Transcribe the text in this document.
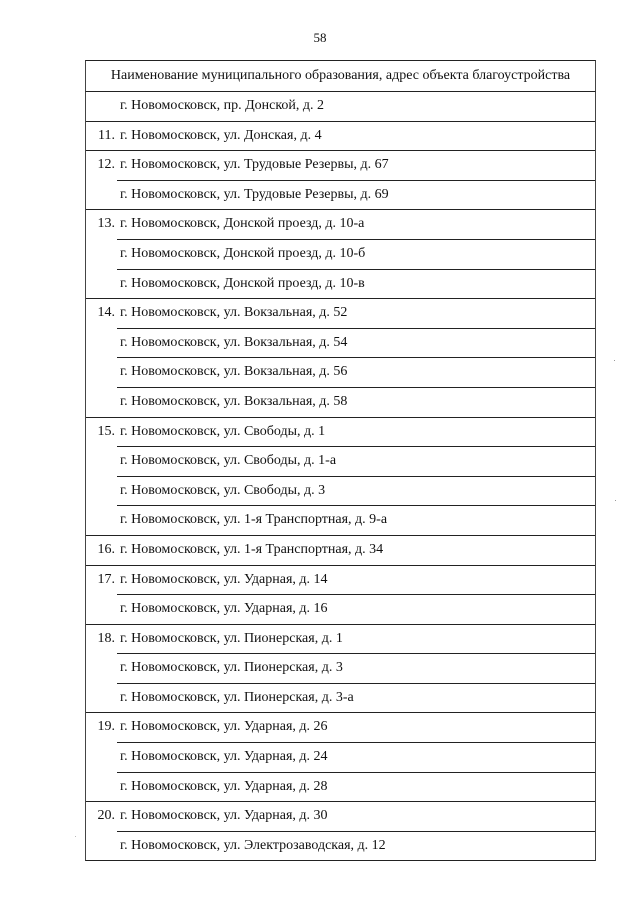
58
Наименование муниципального образования, адрес объекта благоустройства
г. Новомосковск, пр. Донской, д. 2
11. г. Новомосковск, ул. Донская, д. 4
12. г. Новомосковск, ул. Трудовые Резервы, д. 67
г. Новомосковск, ул. Трудовые Резервы, д. 69
13. г. Новомосковск, Донской проезд, д. 10-а
г. Новомосковск, Донской проезд, д. 10-б
г. Новомосковск, Донской проезд, д. 10-в
14. г. Новомосковск, ул. Вокзальная, д. 52
г. Новомосковск, ул. Вокзальная, д. 54
г. Новомосковск, ул. Вокзальная, д. 56
г. Новомосковск, ул. Вокзальная, д. 58
15. г. Новомосковск, ул. Свободы, д. 1
г. Новомосковск, ул. Свободы, д. 1-а
г. Новомосковск, ул. Свободы, д. 3
г. Новомосковск, ул. 1-я Транспортная, д. 9-а
16. г. Новомосковск, ул. 1-я Транспортная, д. 34
17. г. Новомосковск, ул. Ударная, д. 14
г. Новомосковск, ул. Ударная, д. 16
18. г. Новомосковск, ул. Пионерская, д. 1
г. Новомосковск, ул. Пионерская, д. 3
г. Новомосковск, ул. Пионерская, д. 3-а
19. г. Новомосковск, ул. Ударная, д. 26
г. Новомосковск, ул. Ударная, д. 24
г. Новомосковск, ул. Ударная, д. 28
20. г. Новомосковск, ул. Ударная, д. 30
г. Новомосковск, ул. Электрозаводская, д. 12
